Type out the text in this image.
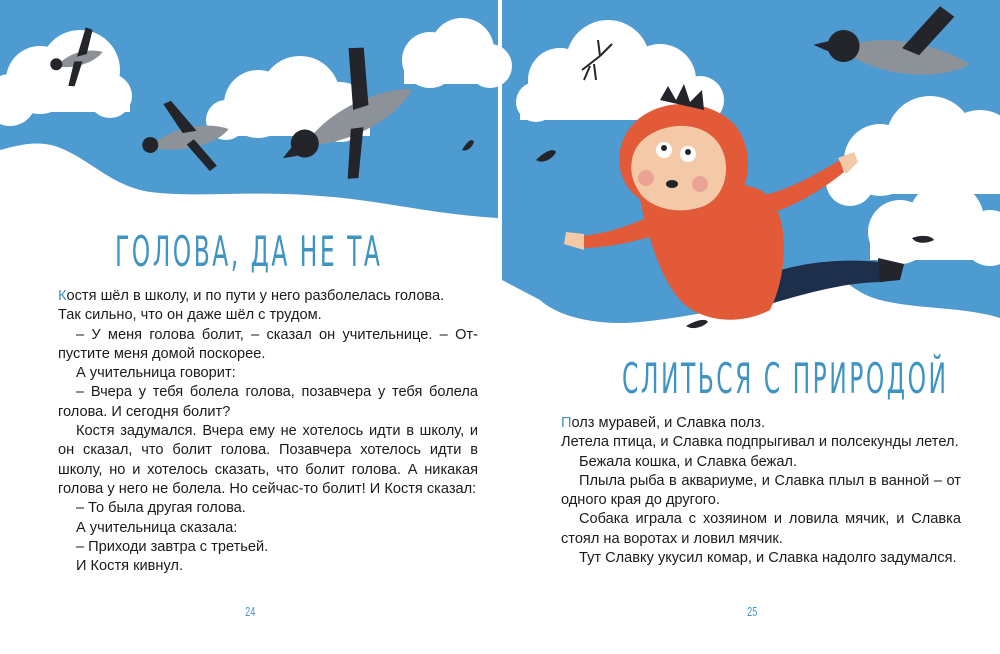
ГОЛОВА, ДА НЕ ТА

Костя шёл в школу, и по пути у него разболелась голова.

Так сильно, что он даже шёл с трудом.

– У меня голова болит, – сказал он учительнице. – Отпустите меня домой поскорее.

А учительница говорит:

– Вчера у тебя болела голова, позавчера у тебя болела голова. И сегодня болит?

Костя задумался. Вчера ему не хотелось идти в школу, и он сказал, что болит голова. Позавчера хотелось идти в школу, но и хотелось сказать, что болит голова. А никакая голова у него не болела. Но сейчас-то болит! И Костя сказал:

– То была другая голова.

А учительница сказала:

– Приходи завтра с третьей.

И Костя кивнул.

24
СЛИТЬСЯ С ПРИРОДОЙ

Полз муравей, и Славка полз.

Летела птица, и Славка подпрыгивал и полсекунды летел.

Бежала кошка, и Славка бежал.

Плыла рыба в аквариуме, и Славка плыл в ванной – от одного края до другого.

Собака играла с хозяином и ловила мячик, и Славка стоял на воротах и ловил мячик.

Тут Славку укусил комар, и Славка надолго задумался.

25
